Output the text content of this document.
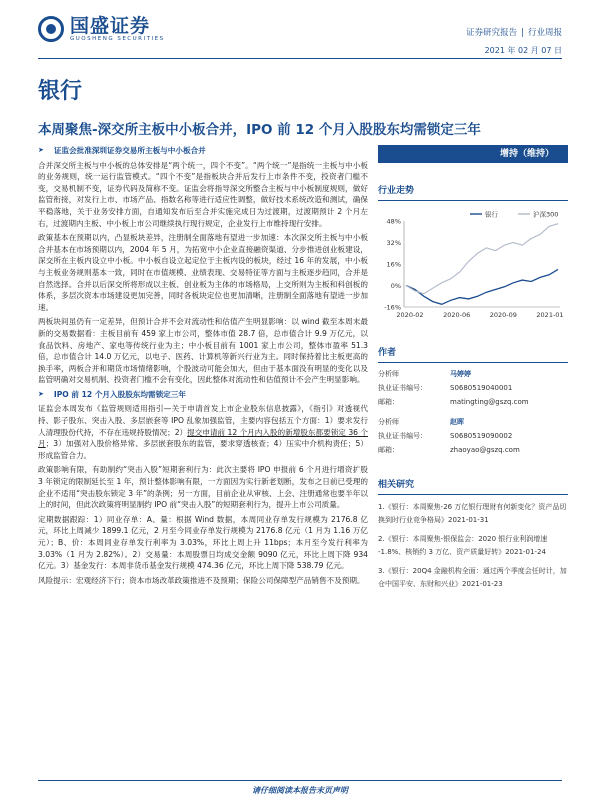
国盛证券
GUOSHENG SECURITIES
证券研究报告 | 行业周报
2021 年 02 月 07 日
银行
本周聚焦-深交所主板中小板合并，IPO 前 12 个月入股股东均需锁定三年
➤ 证监会批准深圳证券交易所主板与中小板合并
合并深交所主板与中小板的总体安排是“两个统一，四个不变”。“两个统一”是指统一主板与中小板的业务规则，统一运行监管模式。“四个不变”是指板块合并后发行上市条件不变，投资者门槛不变，交易机制不变，证券代码及简称不变。证监会将指导深交所整合主板与中小板制度规则，做好监管衔接，对发行上市、市场产品、指数名称等进行适应性调整，做好技术系统改造和测试，确保平稳落地，关于业务安排方面，自通知发布后至合并实施完成日为过渡期，过渡期预计 2 个月左右，过渡期内主板、中小板上市公司继续执行现行规定，企业发行上市维持现行安排。
政策基本在预期以内，凸显板块差异，注册制全面落地有望进一步加速：本次深交所主板与中小板合并基本在市场预期以内，2004 年 5 月，为拓宽中小企业直接融资渠道、分步推进创业板建设，深交所在主板内设立中小板。中小板自设立起定位于主板内设的板块，经过 16 年的发展，中小板与主板业务规则基本一致，同时在市值规模、业绩表现、交易特征等方面与主板逐步趋同，合并是自然选择。合并以后深交所将形成以主板、创业板为主体的市场格局，上交所则为主板和科创板的体系，多层次资本市场建设更加完善，同时各板块定位也更加清晰，注册制全面落地有望进一步加速。
两板块间虽仍有一定差异，但预计合并不会对流动性和估值产生明显影响：以 wind 截至本周末最新的交易数据看：主板目前有 459 家上市公司，整体市值 28.7 倍，总市值合计 9.9 万亿元，以食品饮料、房地产、家电等传统行业为主；中小板目前有 1001 家上市公司，整体市盈率 51.3 倍，总市值合计 14.0 万亿元，以电子、医药、计算机等新兴行业为主。同时保持着比主板更高的换手率，两板合并和期货市场情绪影响，个股波动可能会加大，但由于基本面没有明显的变化以及监管明确对交易机制、投资者门槛不会有变化，因此整体对流动性和估值预计不会产生明显影响。
➤ IPO 前 12 个月入股股东均需锁定三年
证监会本周发布《监管规则适用指引—关于申请首发上市企业股东信息披露》，《指引》对透视代持、影子股东、突击入股、多层嵌套等 IPO 乱象加强监管，主要内容包括五个方面：1）要求发行人清理股份代持，不存在违规持股情况；2）提交申请前 12 个月内入股的新增股东都要锁定 36 个月；3）加强对入股价格异常、多层嵌套股东的监管，要求穿透核查；4）压实中介机构责任；5）形成监管合力。
政策影响有限，有助制约“突击入股”短期套利行为：此次主要将 IPO 申报前 6 个月进行增资扩股 3 年锁定的限制延长至 1 年，预计整体影响有限，一方面因为实行新老划断，发布之日前已受理的企业不适用“突击股东锁定 3 年”的条例；另一方面，目前企业从审核、上会、注册通常也要半年以上的时间，但此次政策将明显制约 IPO 前“突击入股”的短期套利行为，提升上市公司质量。
定期数据跟踪：1）同业存单：A、量：根据 Wind 数据，本周同业存单发行规模为 2176.8 亿元，环比上周减少 1899.1 亿元，2 月至今同业存单发行规模为 2176.8 亿元（1 月为 1.16 万亿元）；B、价：本周同业存单发行利率为 3.03%，环比上周上升 11bps；本月至今发行利率为 3.03%（1 月为 2.82%）。2）交易量：本周股票日均成交金额 9090 亿元，环比上周下降 934 亿元。3）基金发行：本周非货币基金发行规模 474.36 亿元，环比上周下降 538.79 亿元。
风险提示：宏观经济下行；资本市场改革政策推进不及预期；保险公司保障型产品销售不及预期。
增持（维持）
行业走势
48%
32%
16%
0%
-16%
2020-02	2020-06	2020-09	2021-01
银行	沪深300
作者
分析师	马婷婷
执业证书编号：	S0680519040001
邮箱：	matingting@gszq.com
分析师	赵晖
执业证书编号：	S0680519090002
邮箱：	zhaoyao@gszq.com
相关研究
1.《银行：本周聚焦-26 万亿银行理财有何新变化？资产品切换到时行业竞争格局》2021-01-31
2.《银行：本周聚焦-银保监会：2020 银行业利润增速 -1.8%、核销约 3 万亿、资产质量好转》2021-01-24
3.《银行：20Q4 金融机构全面：通过两个季度会任时计，加仓中国平安、东财和兴业》2021-01-23
请仔细阅读本报告末页声明
